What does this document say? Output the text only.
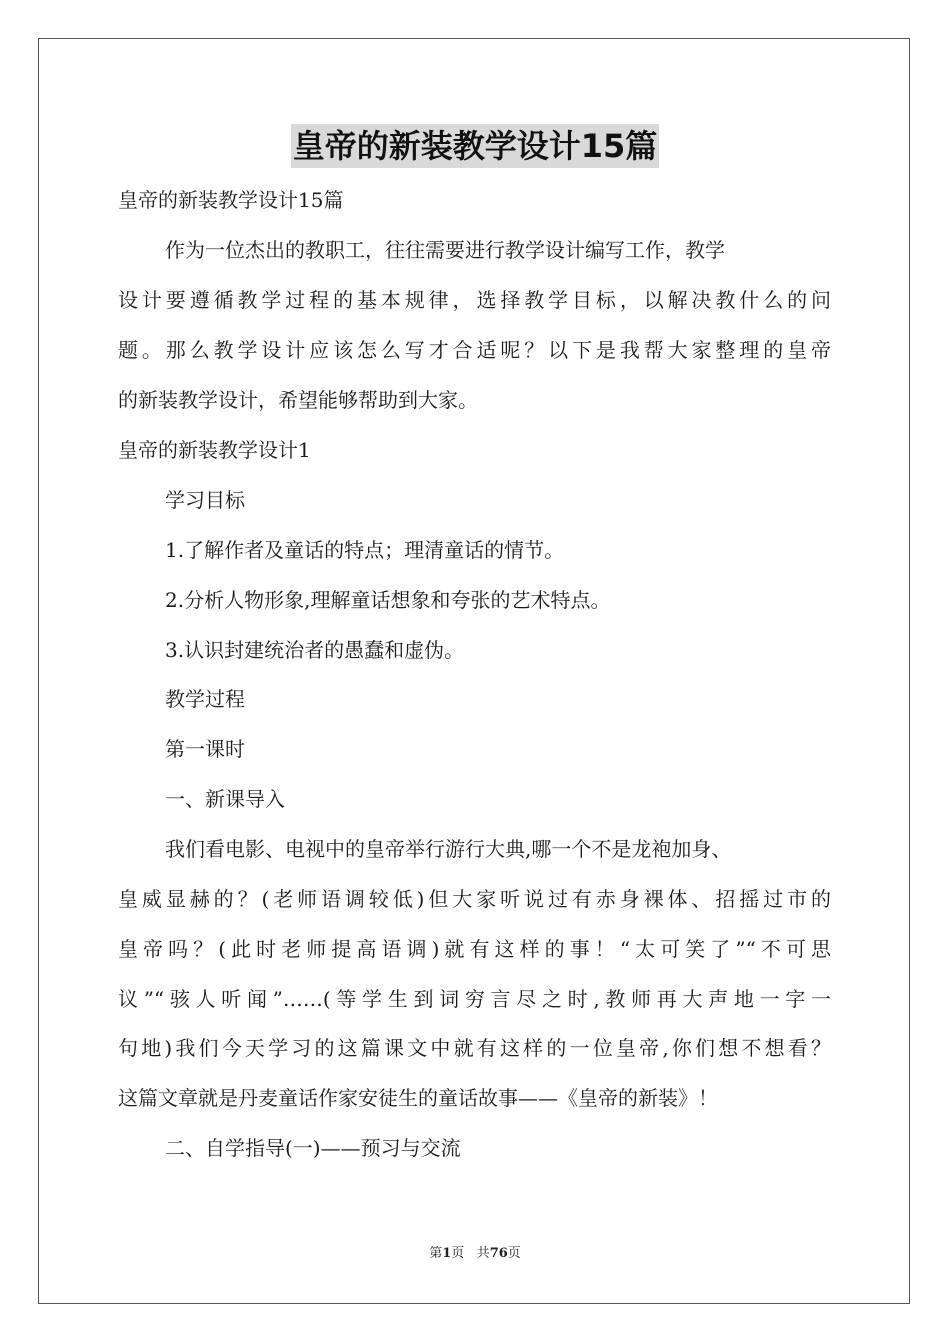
皇帝的新装教学设计15篇
皇帝的新装教学设计15篇
作为一位杰出的教职工，往往需要进行教学设计编写工作，教学
设计要遵循教学过程的基本规律，选择教学目标，以解决教什么的问
题。那么教学设计应该怎么写才合适呢？以下是我帮大家整理的皇帝
的新装教学设计，希望能够帮助到大家。
皇帝的新装教学设计1
学习目标
1.了解作者及童话的特点；理清童话的情节。
2.分析人物形象,理解童话想象和夸张的艺术特点。
3.认识封建统治者的愚蠢和虚伪。
教学过程
第一课时
一、新课导入
我们看电影、电视中的皇帝举行游行大典,哪一个不是龙袍加身、
皇威显赫的？(老师语调较低)但大家听说过有赤身裸体、招摇过市的
皇帝吗？(此时老师提高语调)就有这样的事！“太可笑了”“不可思
议”“骇人听闻”……(等学生到词穷言尽之时,教师再大声地一字一
句地)我们今天学习的这篇课文中就有这样的一位皇帝,你们想不想看？
这篇文章就是丹麦童话作家安徒生的童话故事——《皇帝的新装》！
二、自学指导(一)——预习与交流
第1页 共76页
